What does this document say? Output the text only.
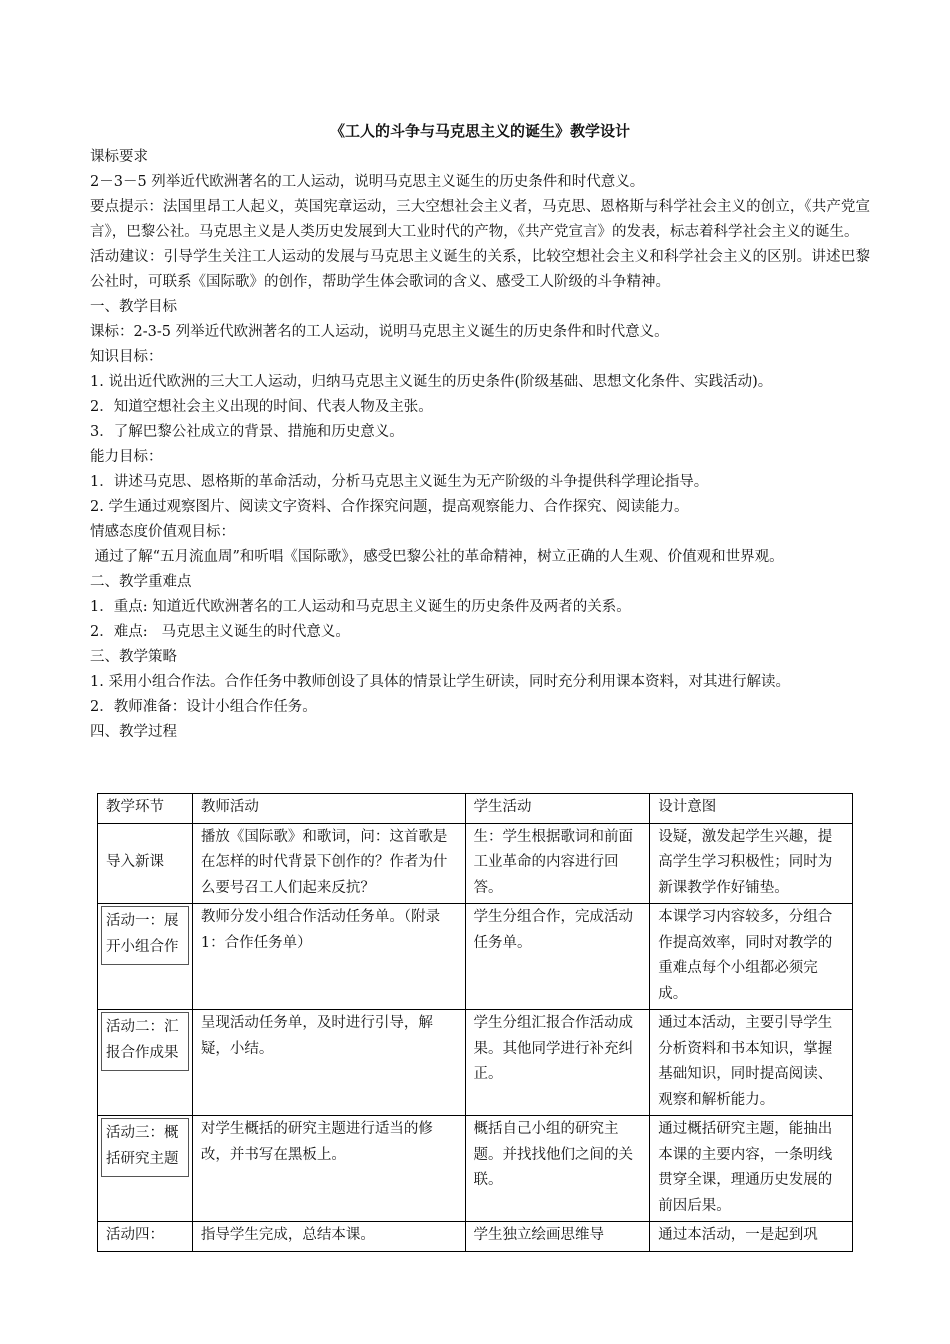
《工人的斗争与马克思主义的诞生》教学设计

课标要求

2－3－5 列举近代欧洲著名的工人运动，说明马克思主义诞生的历史条件和时代意义。

要点提示：法国里昂工人起义，英国宪章运动，三大空想社会主义者，马克思、恩格斯与科学社会主义的创立，《共产党宣言》，巴黎公社。马克思主义是人类历史发展到大工业时代的产物，《共产党宣言》的发表，标志着科学社会主义的诞生。

活动建议：引导学生关注工人运动的发展与马克思主义诞生的关系，比较空想社会主义和科学社会主义的区别。讲述巴黎公社时，可联系《国际歌》的创作，帮助学生体会歌词的含义、感受工人阶级的斗争精神。

一、教学目标

课标：2-3-5 列举近代欧洲著名的工人运动，说明马克思主义诞生的历史条件和时代意义。

知识目标：

1. 说出近代欧洲的三大工人运动，归纳马克思主义诞生的历史条件(阶级基础、思想文化条件、实践活动)。

2．知道空想社会主义出现的时间、代表人物及主张。

3．了解巴黎公社成立的背景、措施和历史意义。

能力目标：

1．讲述马克思、恩格斯的革命活动，分析马克思主义诞生为无产阶级的斗争提供科学理论指导。

2. 学生通过观察图片、阅读文字资料、合作探究问题，提高观察能力、合作探究、阅读能力。

情感态度价值观目标：

通过了解“五月流血周”和听唱《国际歌》，感受巴黎公社的革命精神，树立正确的人生观、价值观和世界观。

二、教学重难点

1．重点: 知道近代欧洲著名的工人运动和马克思主义诞生的历史条件及两者的关系。

2．难点:   马克思主义诞生的时代意义。

三、教学策略

1. 采用小组合作法。合作任务中教师创设了具体的情景让学生研读，同时充分利用课本资料，对其进行解读。

2．教师准备：设计小组合作任务。

四、教学过程

教学环节	教师活动	学生活动	设计意图
导入新课	播放《国际歌》和歌词，问：这首歌是在怎样的时代背景下创作的？作者为什么要号召工人们起来反抗？	生：学生根据歌词和前面工业革命的内容进行回答。	设疑，激发起学生兴趣，提高学生学习积极性；同时为新课教学作好铺垫。

活动一：展开小组合作	教师分发小组合作活动任务单。（附录 1：合作任务单）	学生分组合作，完成活动任务单。	本课学习内容较多，分组合作提高效率，同时对教学的重难点每个小组都必须完成。

活动二：汇报合作成果	呈现活动任务单，及时进行引导，解疑，小结。	学生分组汇报合作活动成果。其他同学进行补充纠正。	通过本活动，主要引导学生分析资料和书本知识，掌握基础知识，同时提高阅读、观察和解析能力。

活动三：概括研究主题	对学生概括的研究主题进行适当的修改，并书写在黑板上。	概括自己小组的研究主题。并找找他们之间的关联。	通过概括研究主题，能抽出本课的主要内容，一条明线贯穿全课，理通历史发展的前因后果。
活动四：	指导学生完成，总结本课。	学生独立绘画思维导	通过本活动，一是起到巩
